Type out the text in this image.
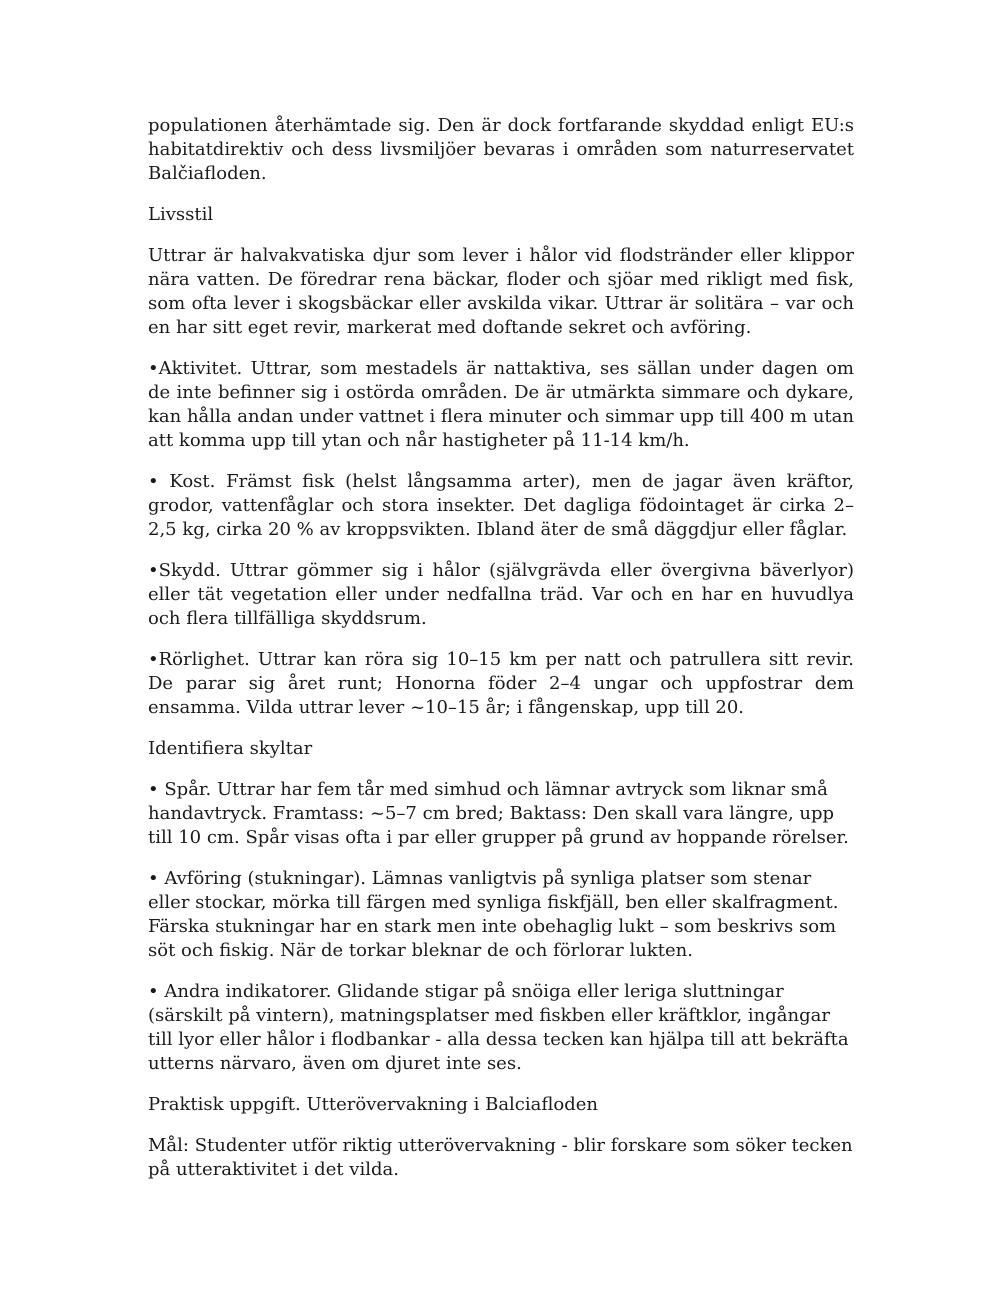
populationen återhämtade sig. Den är dock fortfarande skyddad enligt EU:s habitatdirektiv och dess livsmiljöer bevaras i områden som naturreservatet Balčiafloden.

Livsstil

Uttrar är halvakvatiska djur som lever i hålor vid flodstränder eller klippor nära vatten. De föredrar rena bäckar, floder och sjöar med rikligt med fisk, som ofta lever i skogsbäckar eller avskilda vikar. Uttrar är solitära – var och en har sitt eget revir, markerat med doftande sekret och avföring.

•Aktivitet. Uttrar, som mestadels är nattaktiva, ses sällan under dagen om de inte befinner sig i ostörda områden. De är utmärkta simmare och dykare, kan hålla andan under vattnet i flera minuter och simmar upp till 400 m utan att komma upp till ytan och når hastigheter på 11-14 km/h.

• Kost. Främst fisk (helst långsamma arter), men de jagar även kräftor, grodor, vattenfåglar och stora insekter. Det dagliga födointaget är cirka 2–2,5 kg, cirka 20 % av kroppsvikten. Ibland äter de små däggdjur eller fåglar.

•Skydd. Uttrar gömmer sig i hålor (självgrävda eller övergivna bäverlyor) eller tät vegetation eller under nedfallna träd. Var och en har en huvudlya och flera tillfälliga skyddsrum.

•Rörlighet. Uttrar kan röra sig 10–15 km per natt och patrullera sitt revir. De parar sig året runt; Honorna föder 2–4 ungar och uppfostrar dem ensamma. Vilda uttrar lever ~10–15 år; i fångenskap, upp till 20.

Identifiera skyltar

• Spår. Uttrar har fem tår med simhud och lämnar avtryck som liknar små handavtryck. Framtass: ~5–7 cm bred; Baktass: Den skall vara längre, upp till 10 cm. Spår visas ofta i par eller grupper på grund av hoppande rörelser.

• Avföring (stukningar). Lämnas vanligtvis på synliga platser som stenar eller stockar, mörka till färgen med synliga fiskfjäll, ben eller skalfragment. Färska stukningar har en stark men inte obehaglig lukt – som beskrivs som söt och fiskig. När de torkar bleknar de och förlorar lukten.

• Andra indikatorer. Glidande stigar på snöiga eller leriga sluttningar (särskilt på vintern), matningsplatser med fiskben eller kräftklor, ingångar till lyor eller hålor i flodbankar - alla dessa tecken kan hjälpa till att bekräfta utterns närvaro, även om djuret inte ses.

Praktisk uppgift. Utterövervakning i Balciafloden

Mål: Studenter utför riktig utterövervakning - blir forskare som söker tecken på utteraktivitet i det vilda.
